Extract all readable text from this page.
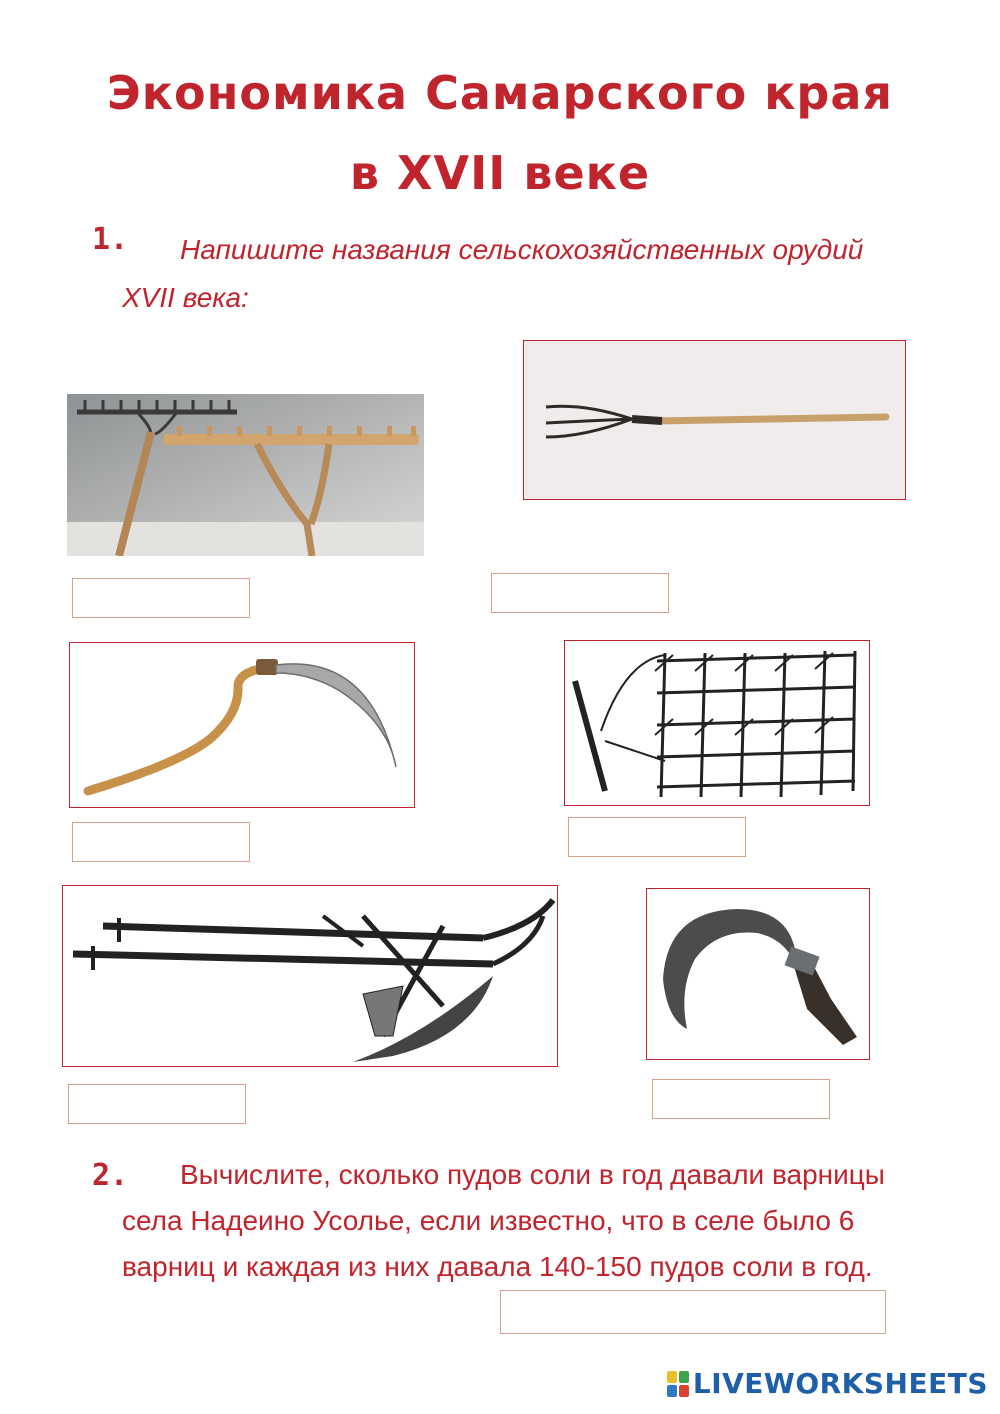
Экономика Самарского края
в XVII веке
1.	Напишите названия сельскохозяйственных орудий XVII века:
2.	Вычислите, сколько пудов соли в год давали варницы села Надеино Усолье, если известно, что в селе было 6 варниц и каждая из них давала 140-150 пудов соли в год.
LIVEWORKSHEETS
